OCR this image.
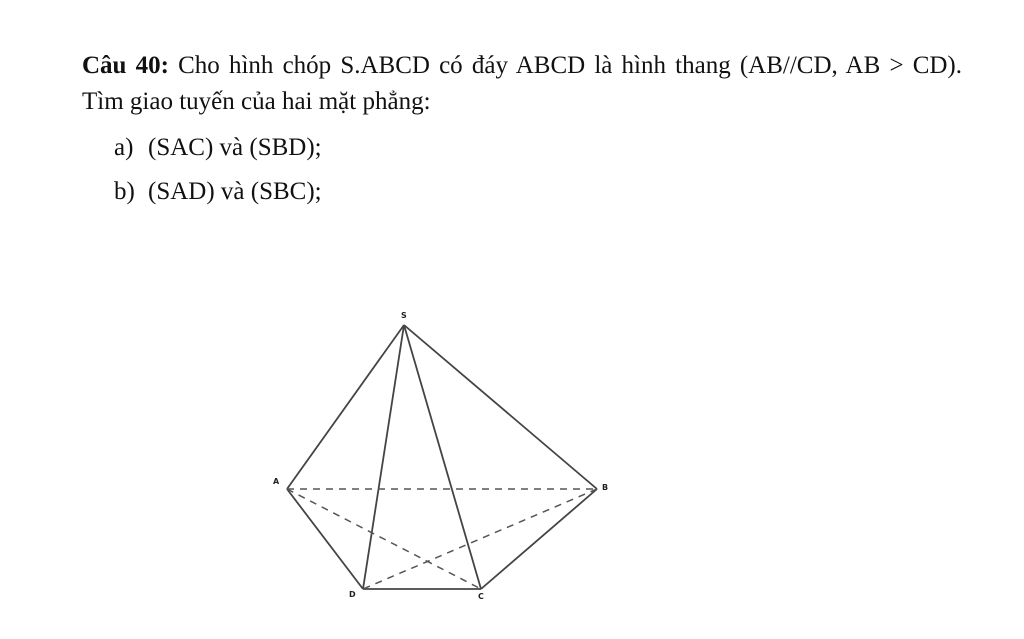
Câu 40: Cho hình chóp S.ABCD có đáy ABCD là hình thang (AB//CD, AB > CD). Tìm giao tuyến của hai mặt phẳng:
a) (SAC) và (SBD);
b) (SAD) và (SBC);
S
A
B
D	C
